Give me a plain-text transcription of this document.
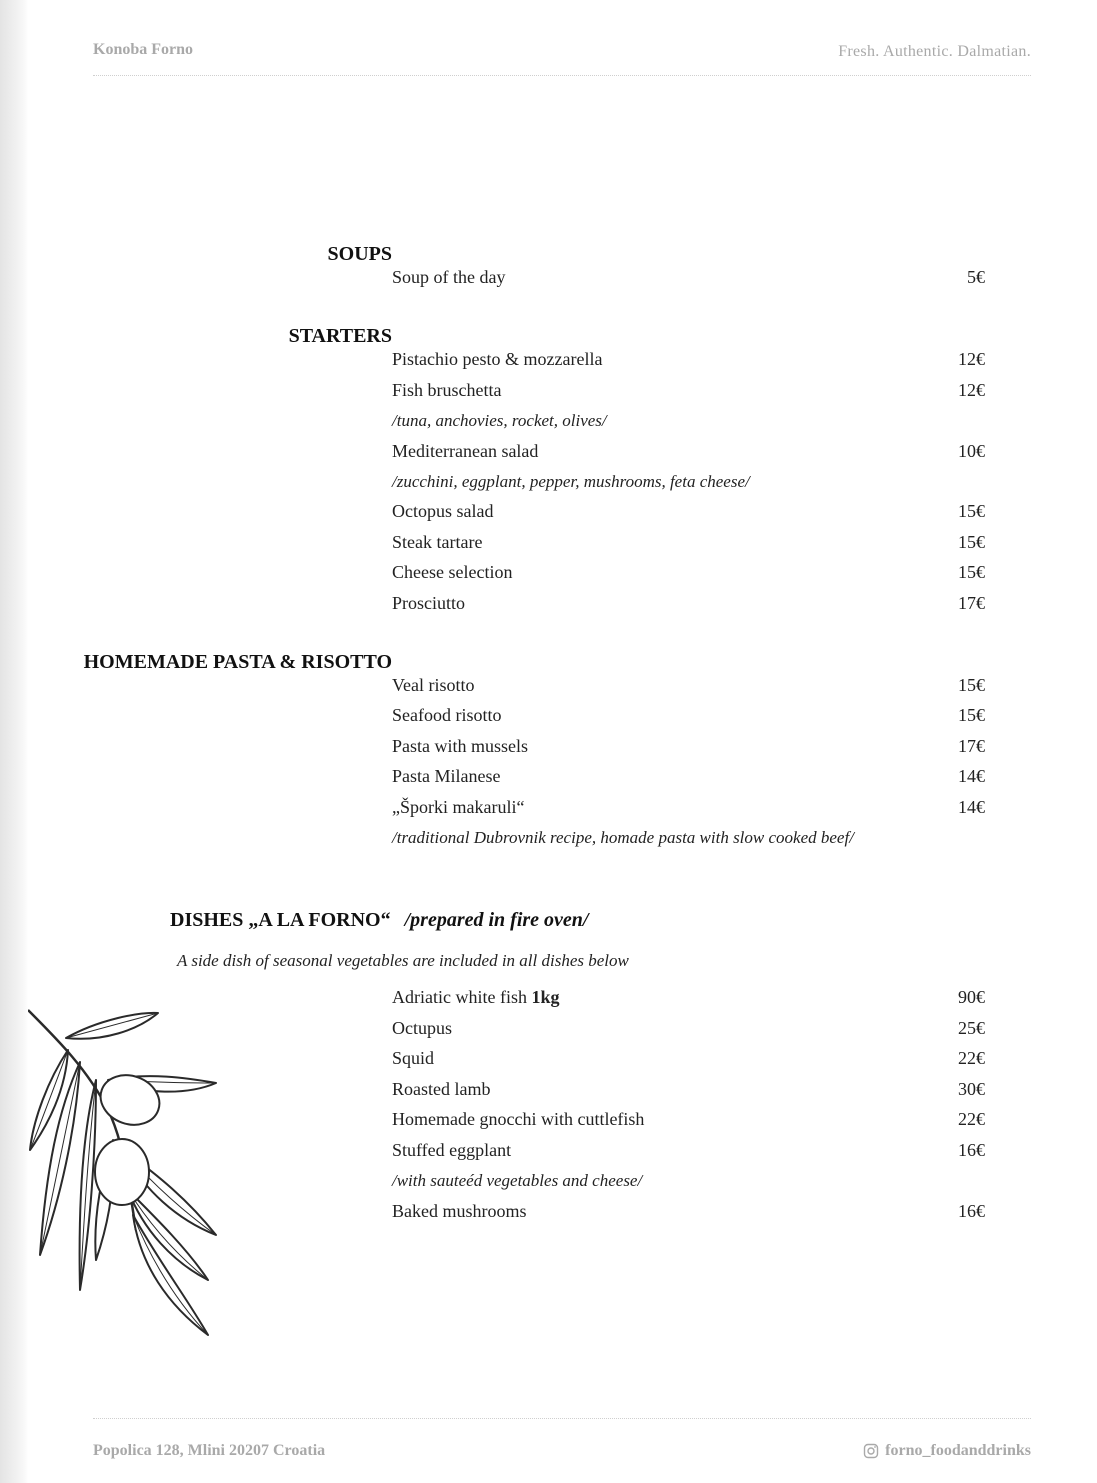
Konoba Forno	Fresh. Authentic. Dalmatian.
SOUPS
Soup of the day	5€
STARTERS
Pistachio pesto & mozzarella	12€
Fish bruschetta	12€
/tuna, anchovies, rocket, olives/
Mediterranean salad	10€
/zucchini, eggplant, pepper, mushrooms, feta cheese/
Octopus salad	15€
Steak tartare	15€
Cheese selection	15€
Prosciutto	17€
HOMEMADE PASTA & RISOTTO
Veal risotto	15€
Seafood risotto	15€
Pasta with mussels	17€
Pasta Milanese	14€
„Šporki makaruli“	14€
/traditional Dubrovnik recipe, homade pasta with slow cooked beef/
DISHES „A LA FORNO“ /prepared in fire oven/
A side dish of seasonal vegetables are included in all dishes below
Adriatic white fish 1kg	90€
Octupus	25€
Squid	22€
Roasted lamb	30€
Homemade gnocchi with cuttlefish	22€
Stuffed eggplant	16€
/with sauteéd vegetables and cheese/
Baked mushrooms	16€
Popolica 128, Mlini 20207 Croatia	forno_foodanddrinks
